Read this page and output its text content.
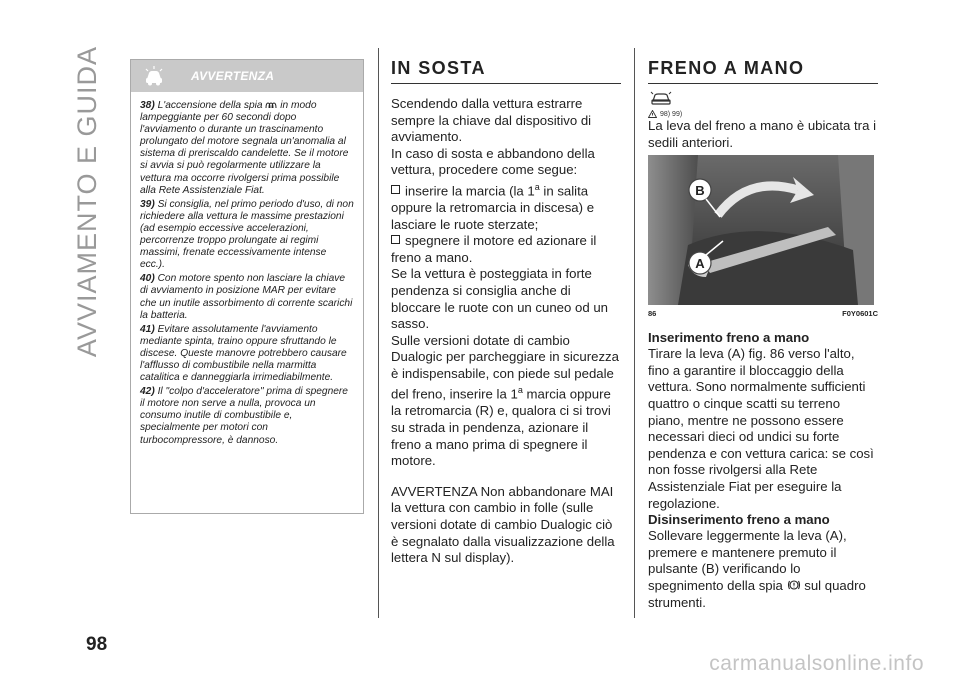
AVVIAMENTO E GUIDA	AVVERTENZA

38) L'accensione della spia  in modo lampeggiante per 60 secondi dopo l'avviamento o durante un trascinamento prolungato del motore segnala un'anomalia al sistema di preriscaldo candelette. Se il motore si avvia si può regolarmente utilizzare la vettura ma occorre rivolgersi prima possibile alla Rete Assistenziale Fiat.

39) Si consiglia, nel primo periodo d'uso, di non richiedere alla vettura le massime prestazioni (ad esempio eccessive accelerazioni, percorrenze troppo prolungate ai regimi massimi, frenate eccessivamente intense ecc.).

40) Con motore spento non lasciare la chiave di avviamento in posizione MAR per evitare che un inutile assorbimento di corrente scarichi la batteria.

41) Evitare assolutamente l'avviamento mediante spinta, traino oppure sfruttando le discese. Queste manovre potrebbero causare l'afflusso di combustibile nella marmitta catalitica e danneggiarla irrimediabilmente.

42) Il "colpo d'acceleratore" prima di spegnere il motore non serve a nulla, provoca un consumo inutile di combustibile e, specialmente per motori con turbocompressore, è dannoso.

IN SOSTA

Scendendo dalla vettura estrarre sempre la chiave dal dispositivo di avviamento.

In caso di sosta e abbandono della vettura, procedere come segue:

inserire la marcia (la 1$^a$ in salita oppure la retromarcia in discesa) e lasciare le ruote sterzate;

spegnere il motore ed azionare il freno a mano.

Se la vettura è posteggiata in forte pendenza si consiglia anche di bloccare le ruote con un cuneo od un sasso.

Sulle versioni dotate di cambio Dualogic per parcheggiare in sicurezza è indispensabile, con piede sul pedale del freno, inserire la 1$^a$ marcia oppure la retromarcia (R) e, qualora ci si trovi su strada in pendenza, azionare il freno a mano prima di spegnere il motore.

AVVERTENZA Non abbandonare MAI la vettura con cambio in folle (sulle versioni dotate di cambio Dualogic ciò è segnalato dalla visualizzazione della lettera N sul display).

FRENO A MANO
98) 99)

La leva del freno a mano è ubicata tra i sedili anteriori.

B
A
86	F0Y0601C
Inserimento freno a mano

Tirare la leva (A) fig. 86 verso l'alto, fino a garantire il bloccaggio della vettura. Sono normalmente sufficienti quattro o cinque scatti su terreno piano, mentre ne possono essere necessari dieci od undici su forte pendenza e con vettura carica: se così non fosse rivolgersi alla Rete Assistenziale Fiat per eseguire la regolazione.

Disinserimento freno a mano

Sollevare leggermente la leva (A), premere e mantenere premuto il pulsante (B) verificando lo spegnimento della spia  sul quadro strumenti.

98
carmanualsonline.info
